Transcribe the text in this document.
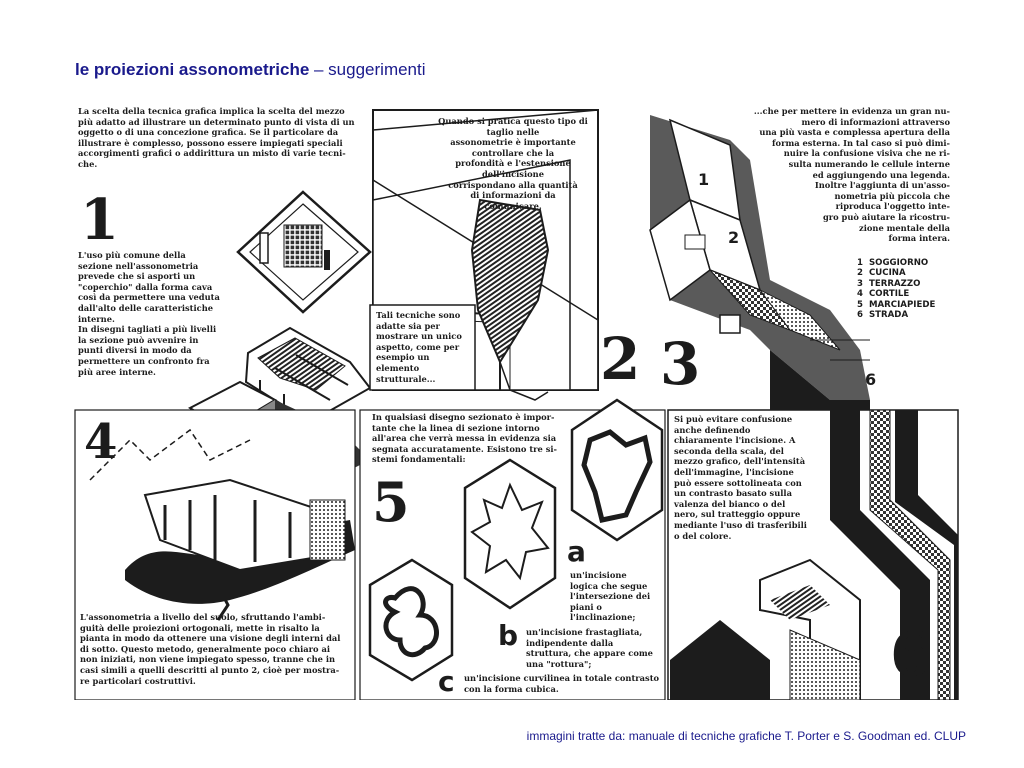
le proiezioni assonometriche – suggerimenti

La scelta della tecnica grafica implica la scelta del mezzo
più adatto ad illustrare un determinato punto di vista di un
oggetto o di una concezione grafica. Se il particolare da
illustrare è complesso, possono essere impiegati speciali
accorgimenti grafici o addirittura un misto di varie tecni-
che.

1

L'uso più comune della
sezione nell'assonometria
prevede che si asporti un
"coperchio" dalla forma cava
così da permettere una veduta
dall'alto delle caratteristiche
interne.
In disegni tagliati a più livelli
la sezione può avvenire in
punti diversi in modo da
permettere un confronto fra
più aree interne.

Quando si pratica questo tipo di taglio nelle
assonometrie è importante controllare che la
profondità e l'estensione dell'incisione
corrispondano alla quantità
di informazioni da
comunicare.

Tali tecniche sono
adatte sia per
mostrare un unico
aspetto, come per
esempio un
elemento
strutturale...	2 3

...che per mettere in evidenza un gran nu-
mero di informazioni attraverso
una più vasta e complessa apertura della
forma esterna. In tal caso si può dimi-
nuire la confusione visiva che ne ri-
sulta numerando le cellule interne
ed aggiungendo una legenda.
Inoltre l'aggiunta di un'asso-
nometria più piccola che
riproduca l'oggetto inte-
gro può aiutare la ricostru-
zione mentale della
forma intera.

1 SOGGIORNO
2 CUCINA
3 TERRAZZO
4 CORTILE
5 MARCIAPIEDE
6 STRADA
1
2
6
4

L'assonometria a livello del suolo, sfruttando l'ambi-
guità delle proiezioni ortogonali, mette in risalto la
pianta in modo da ottenere una visione degli interni dal
di sotto. Questo metodo, generalmente poco chiaro ai
non iniziati, non viene impiegato spesso, tranne che in
casi simili a quelli descritti al punto 2, cioè per mostra-
re particolari costruttivi.

In qualsiasi disegno sezionato è impor-
tante che la linea di sezione intorno
all'area che verrà messa in evidenza sia
segnata accuratamente. Esistono tre si-
stemi fondamentali:

5
a

un'incisione
logica che segue
l'intersezione dei
piani o
l'inclinazione;

b un'incisione frastagliata,
indipendente dalla
struttura, che appare come
una "rottura";

c un'incisione curvilinea in totale contrasto
con la forma cubica.

Si può evitare confusione
anche definendo
chiaramente l'incisione. A
seconda della scala, del
mezzo grafico, dell'intensità
dell'immagine, l'incisione
può essere sottolineata con
un contrasto basato sulla
valenza del bianco o del
nero, sul tratteggio oppure
mediante l'uso di trasferibili
o del colore.

6

immagini tratte da: manuale di tecniche grafiche T. Porter e S. Goodman ed. CLUP
